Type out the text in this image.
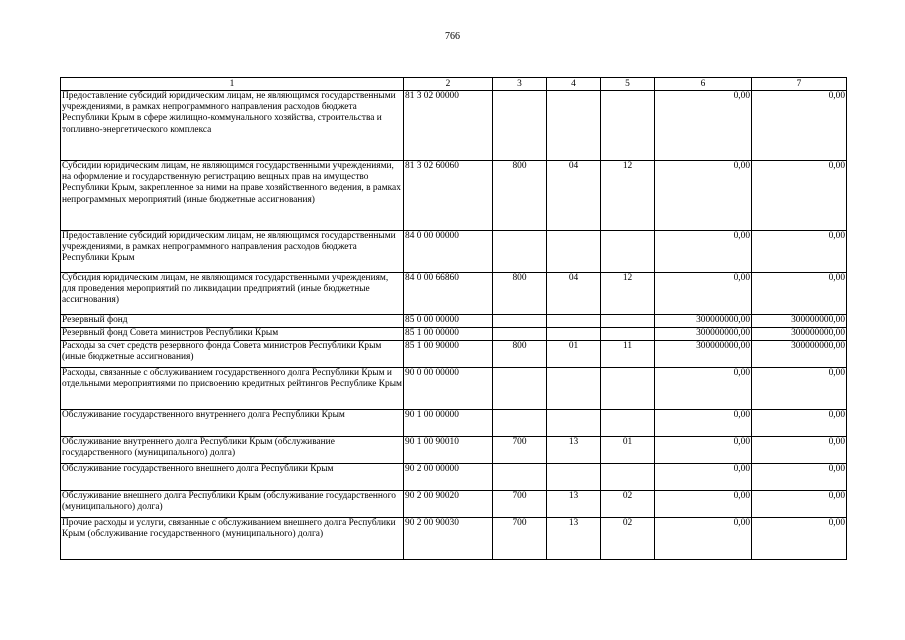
766
1	2	3	4	5	6	7
Предоставление субсидий юридическим лицам, не являющимся государственными учреждениями, в рамках непрограммного направления расходов бюджета Республики Крым в сфере жилищно-коммунального хозяйства, строительства и топливно-энергетического комплекса	81 3 02 00000				0,00	0,00
Субсидии юридическим лицам, не являющимся государственными учреждениями, на оформление и государственную регистрацию вещных прав на имущество Республики Крым, закрепленное за ними на праве хозяйственного ведения, в рамках непрограммных мероприятий (иные бюджетные ассигнования)	81 3 02 60060	800	04	12	0,00	0,00
Предоставление субсидий юридическим лицам, не являющимся государственными учреждениями, в рамках непрограммного направления расходов бюджета Республики Крым	84 0 00 00000				0,00	0,00
Субсидия юридическим лицам, не являющимся государственными учреждениям, для проведения мероприятий по ликвидации предприятий (иные бюджетные ассигнования)	84 0 00 66860	800	04	12	0,00	0,00
Резервный фонд	85 0 00 00000				300000000,00	300000000,00
Резервный фонд Совета министров Республики Крым	85 1 00 00000				300000000,00	300000000,00
Расходы за счет средств резервного фонда Совета министров Республики Крым (иные бюджетные ассигнования)	85 1 00 90000	800	01	11	300000000,00	300000000,00
Расходы, связанные с обслуживанием государственного долга Республики Крым и отдельными мероприятиями по присвоению кредитных рейтингов Республике Крым	90 0 00 00000				0,00	0,00
Обслуживание государственного внутреннего долга Республики Крым	90 1 00 00000				0,00	0,00
Обслуживание внутреннего долга Республики Крым (обслуживание государственного (муниципального) долга)	90 1 00 90010	700	13	01	0,00	0,00
Обслуживание государственного внешнего долга Республики Крым	90 2 00 00000				0,00	0,00
Обслуживание внешнего долга Республики Крым (обслуживание государственного (муниципального) долга)	90 2 00 90020	700	13	02	0,00	0,00
Прочие расходы и услуги, связанные с обслуживанием внешнего долга Республики Крым (обслуживание государственного (муниципального) долга)	90 2 00 90030	700	13	02	0,00	0,00
